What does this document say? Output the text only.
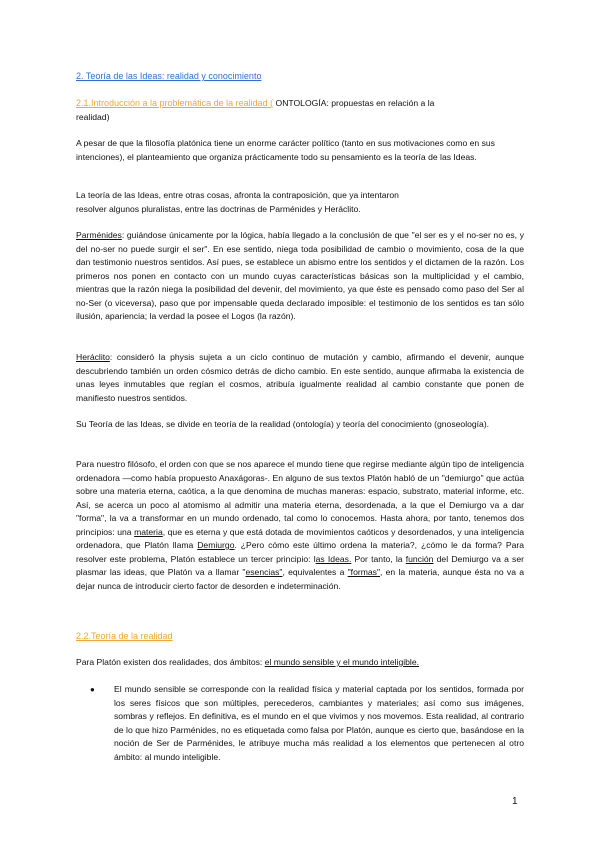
2. Teoría de las Ideas: realidad y conocimiento
2.1.Introducción a la problemática de la realidad ( ONTOLOGÍA: propuestas en relación a la
realidad)
A pesar de que la filosofía platónica tiene un enorme carácter político (tanto en sus motivaciones como en sus intenciones), el planteamiento que organiza prácticamente todo su pensamiento es la teoría de las Ideas.
La teoría de las Ideas, entre otras cosas, afronta la contraposición, que ya intentaron
resolver algunos pluralistas, entre las doctrinas de Parménides y Heráclito.
Parménides: guiándose únicamente por la lógica, había llegado a la conclusión de que "el ser es y el no-ser no es, y del no-ser no puede surgir el ser". En ese sentido, niega toda posibilidad de cambio o movimiento, cosa de la que dan testimonio nuestros sentidos. Así pues, se establece un abismo entre los sentidos y el dictamen de la razón. Los primeros nos ponen en contacto con un mundo cuyas características básicas son la multiplicidad y el cambio, mientras que la razón niega la posibilidad del devenir, del movimiento, ya que éste es pensado como paso del Ser al no-Ser (o viceversa), paso que por impensable queda declarado imposible: el testimonio de los sentidos es tan sólo ilusión, apariencia; la verdad la posee el Logos (la razón).
Heráclito: consideró la physis sujeta a un ciclo continuo de mutación y cambio, afirmando el devenir, aunque descubriendo también un orden cósmico detrás de dicho cambio. En este sentido, aunque afirmaba la existencia de unas leyes inmutables que regían el cosmos, atribuía igualmente realidad al cambio constante que ponen de manifiesto nuestros sentidos.
Su Teoría de las Ideas, se divide en teoría de la realidad (ontología) y teoría del conocimiento (gnoseología).
Para nuestro filósofo, el orden con que se nos aparece el mundo tiene que regirse mediante algún tipo de inteligencia ordenadora —como había propuesto Anaxágoras-. En alguno de sus textos Platón habló de un "demiurgo" que actúa sobre una materia eterna, caótica, a la que denomina de muchas maneras: espacio, substrato, material informe, etc. Así, se acerca un poco al atomismo al admitir una materia eterna, desordenada, a la que el Demiurgo va a dar "forma", la va a transformar en un mundo ordenado, tal como lo conocemos. Hasta ahora, por tanto, tenemos dos principios: una materia, que es eterna y que está dotada de movimientos caóticos y desordenados, y una inteligencia ordenadora, que Platón llama Demiurgo. ¿Pero cómo este último ordena la materia?, ¿cómo le da forma? Para resolver este problema, Platón establece un tercer principio: las Ideas. Por tanto, la función del Demiurgo va a ser plasmar las ideas, que Platón va a llamar "esencias", equivalentes a "formas", en la materia, aunque ésta no va a dejar nunca de introducir cierto factor de desorden e indeterminación.
2.2.Teoría de la realidad
Para Platón existen dos realidades, dos ámbitos: el mundo sensible y el mundo inteligible.
● El mundo sensible se corresponde con la realidad física y material captada por los sentidos, formada por los seres físicos que son múltiples, perecederos, cambiantes y materiales; así como sus imágenes, sombras y reflejos. En definitiva, es el mundo en el que vivimos y nos movemos. Esta realidad, al contrario de lo que hizo Parménides, no es etiquetada como falsa por Platón, aunque es cierto que, basándose en la noción de Ser de Parménides, le atribuye mucha más realidad a los elementos que pertenecen al otro ámbito: al mundo inteligible.
1
